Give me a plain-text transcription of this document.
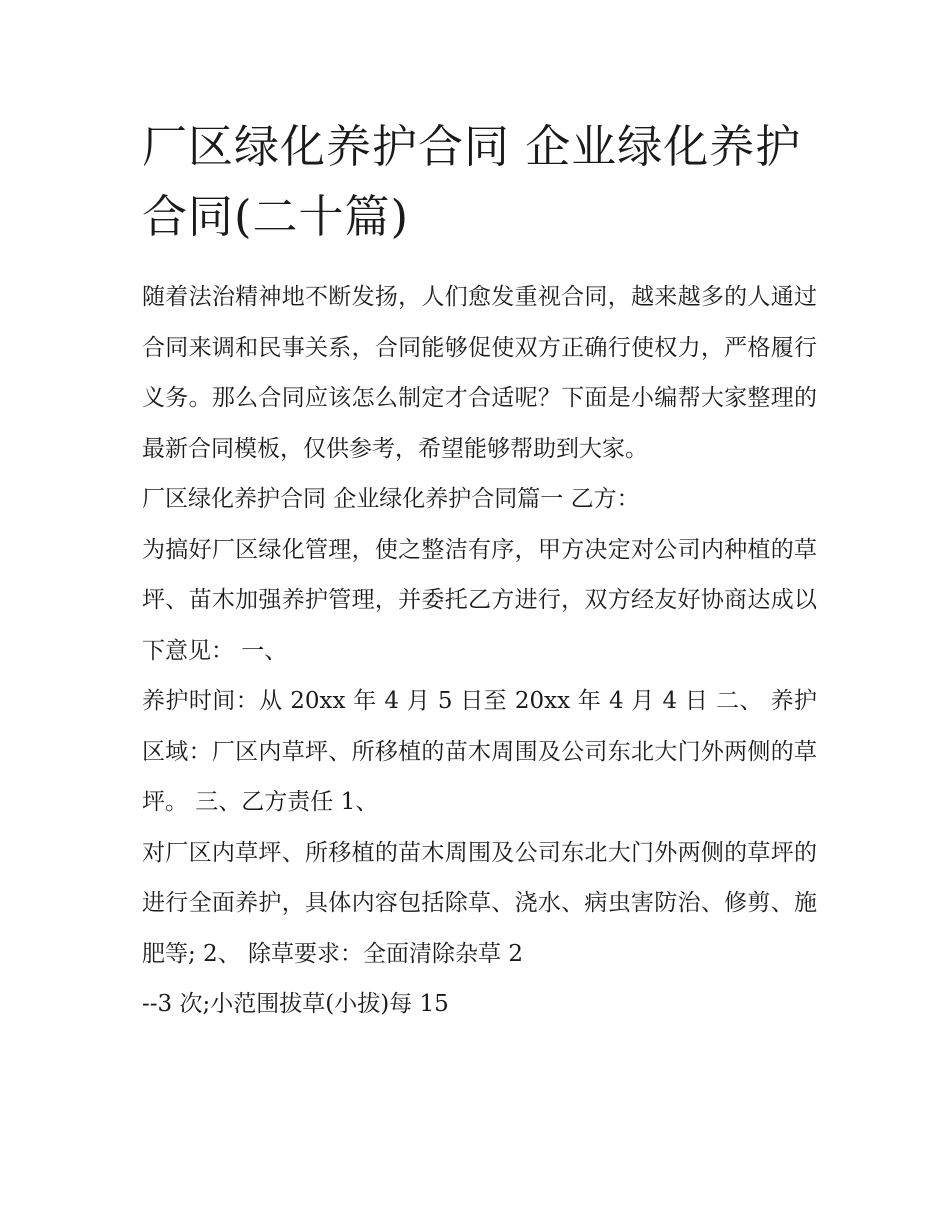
厂区绿化养护合同 企业绿化养护合同(二十篇)

随着法治精神地不断发扬，人们愈发重视合同，越来越多的人通过合同来调和民事关系，合同能够促使双方正确行使权力，严格履行义务。那么合同应该怎么制定才合适呢？下面是小编帮大家整理的最新合同模板，仅供参考，希望能够帮助到大家。

厂区绿化养护合同 企业绿化养护合同篇一 乙方：

为搞好厂区绿化管理，使之整洁有序，甲方决定对公司内种植的草坪、苗木加强养护管理，并委托乙方进行，双方经友好协商达成以下意见： 一、

养护时间：从 20xx 年 4 月 5 日至 20xx 年 4 月 4 日 二、 养护区域：厂区内草坪、所移植的苗木周围及公司东北大门外两侧的草坪。 三、乙方责任 1、

对厂区内草坪、所移植的苗木周围及公司东北大门外两侧的草坪的进行全面养护，具体内容包括除草、浇水、病虫害防治、修剪、施肥等; 2、 除草要求：全面清除杂草 2

--3 次;小范围拔草(小拔)每 15
